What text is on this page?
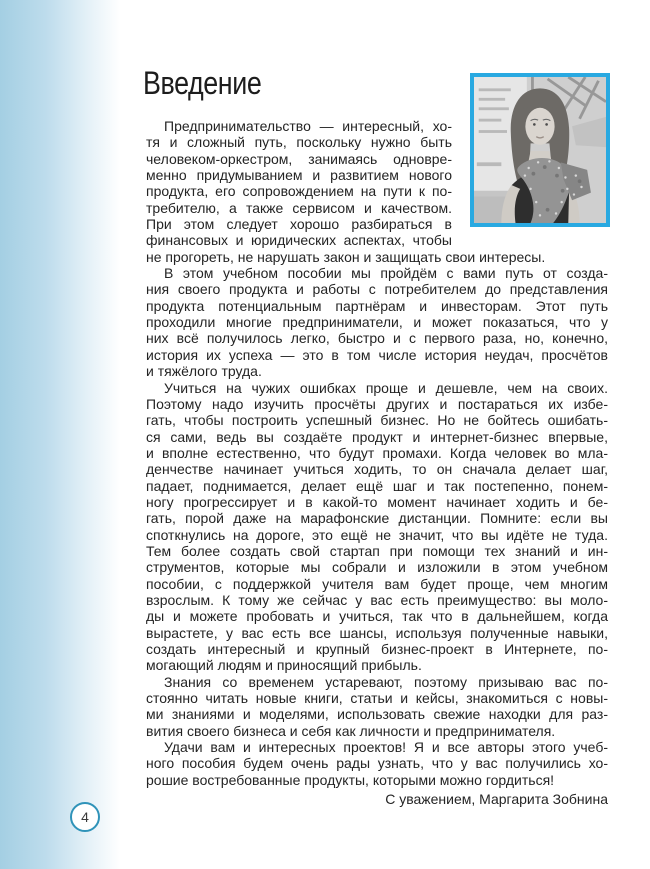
Введение
Предпринимательство — интересный, хо-
тя и сложный путь, поскольку нужно быть
человеком-оркестром, занимаясь одновре-
менно придумыванием и развитием нового
продукта, его сопровождением на пути к по-
требителю, а также сервисом и качеством.
При этом следует хорошо разбираться в
финансовых и юридических аспектах, чтобы
не прогореть, не нарушать закон и защищать свои интересы.
В этом учебном пособии мы пройдём с вами путь от созда-
ния своего продукта и работы с потребителем до представления
продукта потенциальным партнёрам и инвесторам. Этот путь
проходили многие предприниматели, и может показаться, что у
них всё получилось легко, быстро и с первого раза, но, конечно,
история их успеха — это в том числе история неудач, просчётов
и тяжёлого труда.
Учиться на чужих ошибках проще и дешевле, чем на своих.
Поэтому надо изучить просчёты других и постараться их избе-
гать, чтобы построить успешный бизнес. Но не бойтесь ошибать-
ся сами, ведь вы создаёте продукт и интернет-бизнес впервые,
и вполне естественно, что будут промахи. Когда человек во мла-
денчестве начинает учиться ходить, то он сначала делает шаг,
падает, поднимается, делает ещё шаг и так постепенно, понем-
ногу прогрессирует и в какой-то момент начинает ходить и бе-
гать, порой даже на марафонские дистанции. Помните: если вы
споткнулись на дороге, это ещё не значит, что вы идёте не туда.
Тем более создать свой стартап при помощи тех знаний и ин-
струментов, которые мы собрали и изложили в этом учебном
пособии, с поддержкой учителя вам будет проще, чем многим
взрослым. К тому же сейчас у вас есть преимущество: вы моло-
ды и можете пробовать и учиться, так что в дальнейшем, когда
вырастете, у вас есть все шансы, используя полученные навыки,
создать интересный и крупный бизнес-проект в Интернете, по-
могающий людям и приносящий прибыль.
Знания со временем устаревают, поэтому призываю вас по-
стоянно читать новые книги, статьи и кейсы, знакомиться с новы-
ми знаниями и моделями, использовать свежие находки для раз-
вития своего бизнеса и себя как личности и предпринимателя.
Удачи вам и интересных проектов! Я и все авторы этого учеб-
ного пособия будем очень рады узнать, что у вас получились хо-
рошие востребованные продукты, которыми можно гордиться!
С уважением, Маргарита Зобнина
4
